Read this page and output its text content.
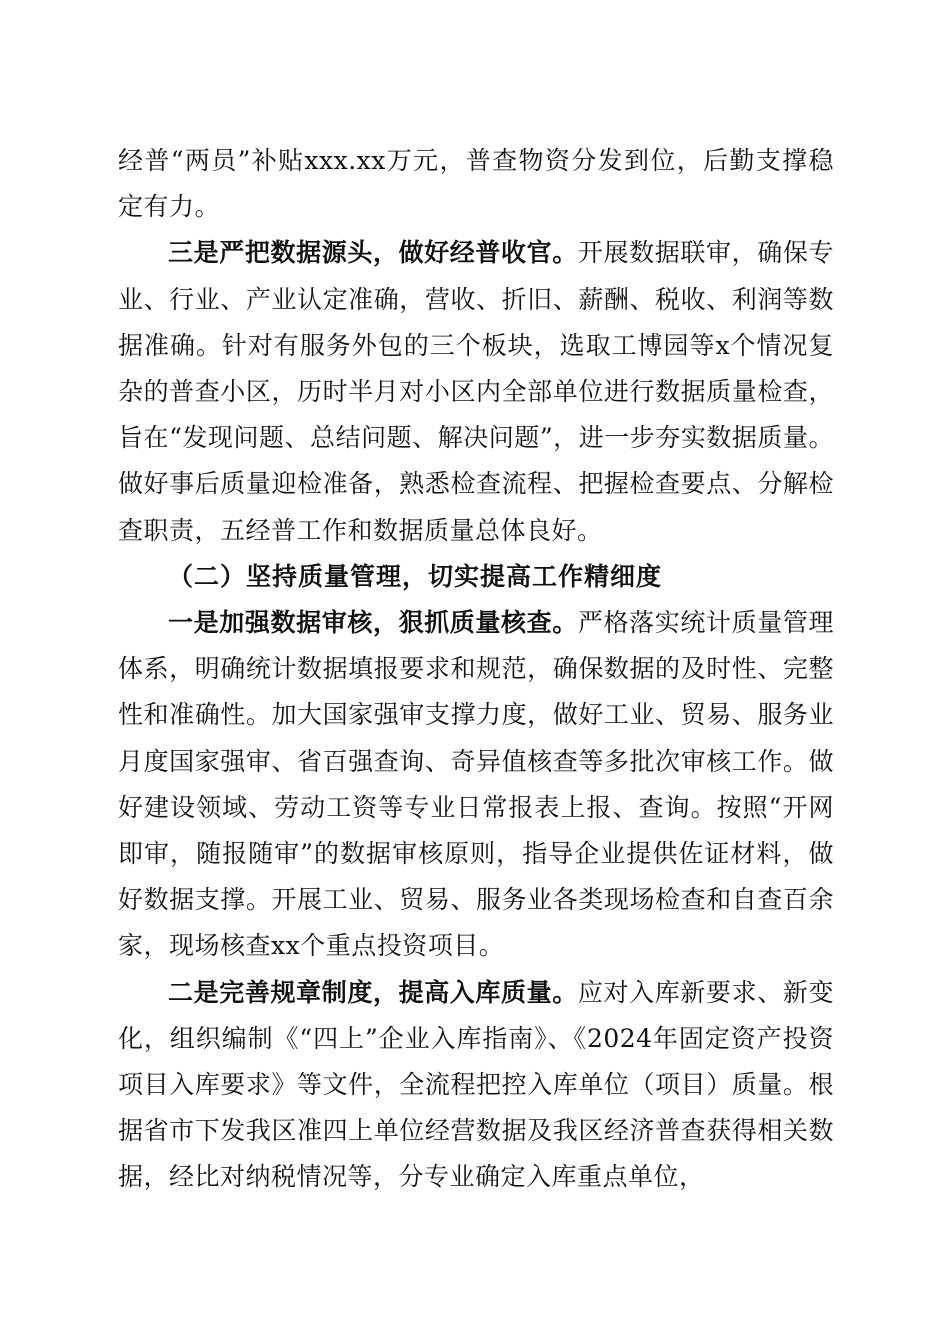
经普“两员”补贴xxx.xx万元，普查物资分发到位，后勤支撑稳定有力。

三是严把数据源头，做好经普收官。开展数据联审，确保专业、行业、产业认定准确，营收、折旧、薪酬、税收、利润等数据准确。针对有服务外包的三个板块，选取工博园等x个情况复杂的普查小区，历时半月对小区内全部单位进行数据质量检查，旨在“发现问题、总结问题、解决问题”，进一步夯实数据质量。做好事后质量迎检准备，熟悉检查流程、把握检查要点、分解检查职责，五经普工作和数据质量总体良好。

（二）坚持质量管理，切实提高工作精细度

一是加强数据审核，狠抓质量核查。严格落实统计质量管理体系，明确统计数据填报要求和规范，确保数据的及时性、完整性和准确性。加大国家强审支撑力度，做好工业、贸易、服务业月度国家强审、省百强查询、奇异值核查等多批次审核工作。做好建设领域、劳动工资等专业日常报表上报、查询。按照“开网即审，随报随审”的数据审核原则，指导企业提供佐证材料，做好数据支撑。开展工业、贸易、服务业各类现场检查和自查百余家，现场核查xx个重点投资项目。

二是完善规章制度，提高入库质量。应对入库新要求、新变化，组织编制《“四上”企业入库指南》、《2024年固定资产投资项目入库要求》等文件，全流程把控入库单位（项目）质量。根据省市下发我区准四上单位经营数据及我区经济普查获得相关数据，经比对纳税情况等，分专业确定入库重点单位，
